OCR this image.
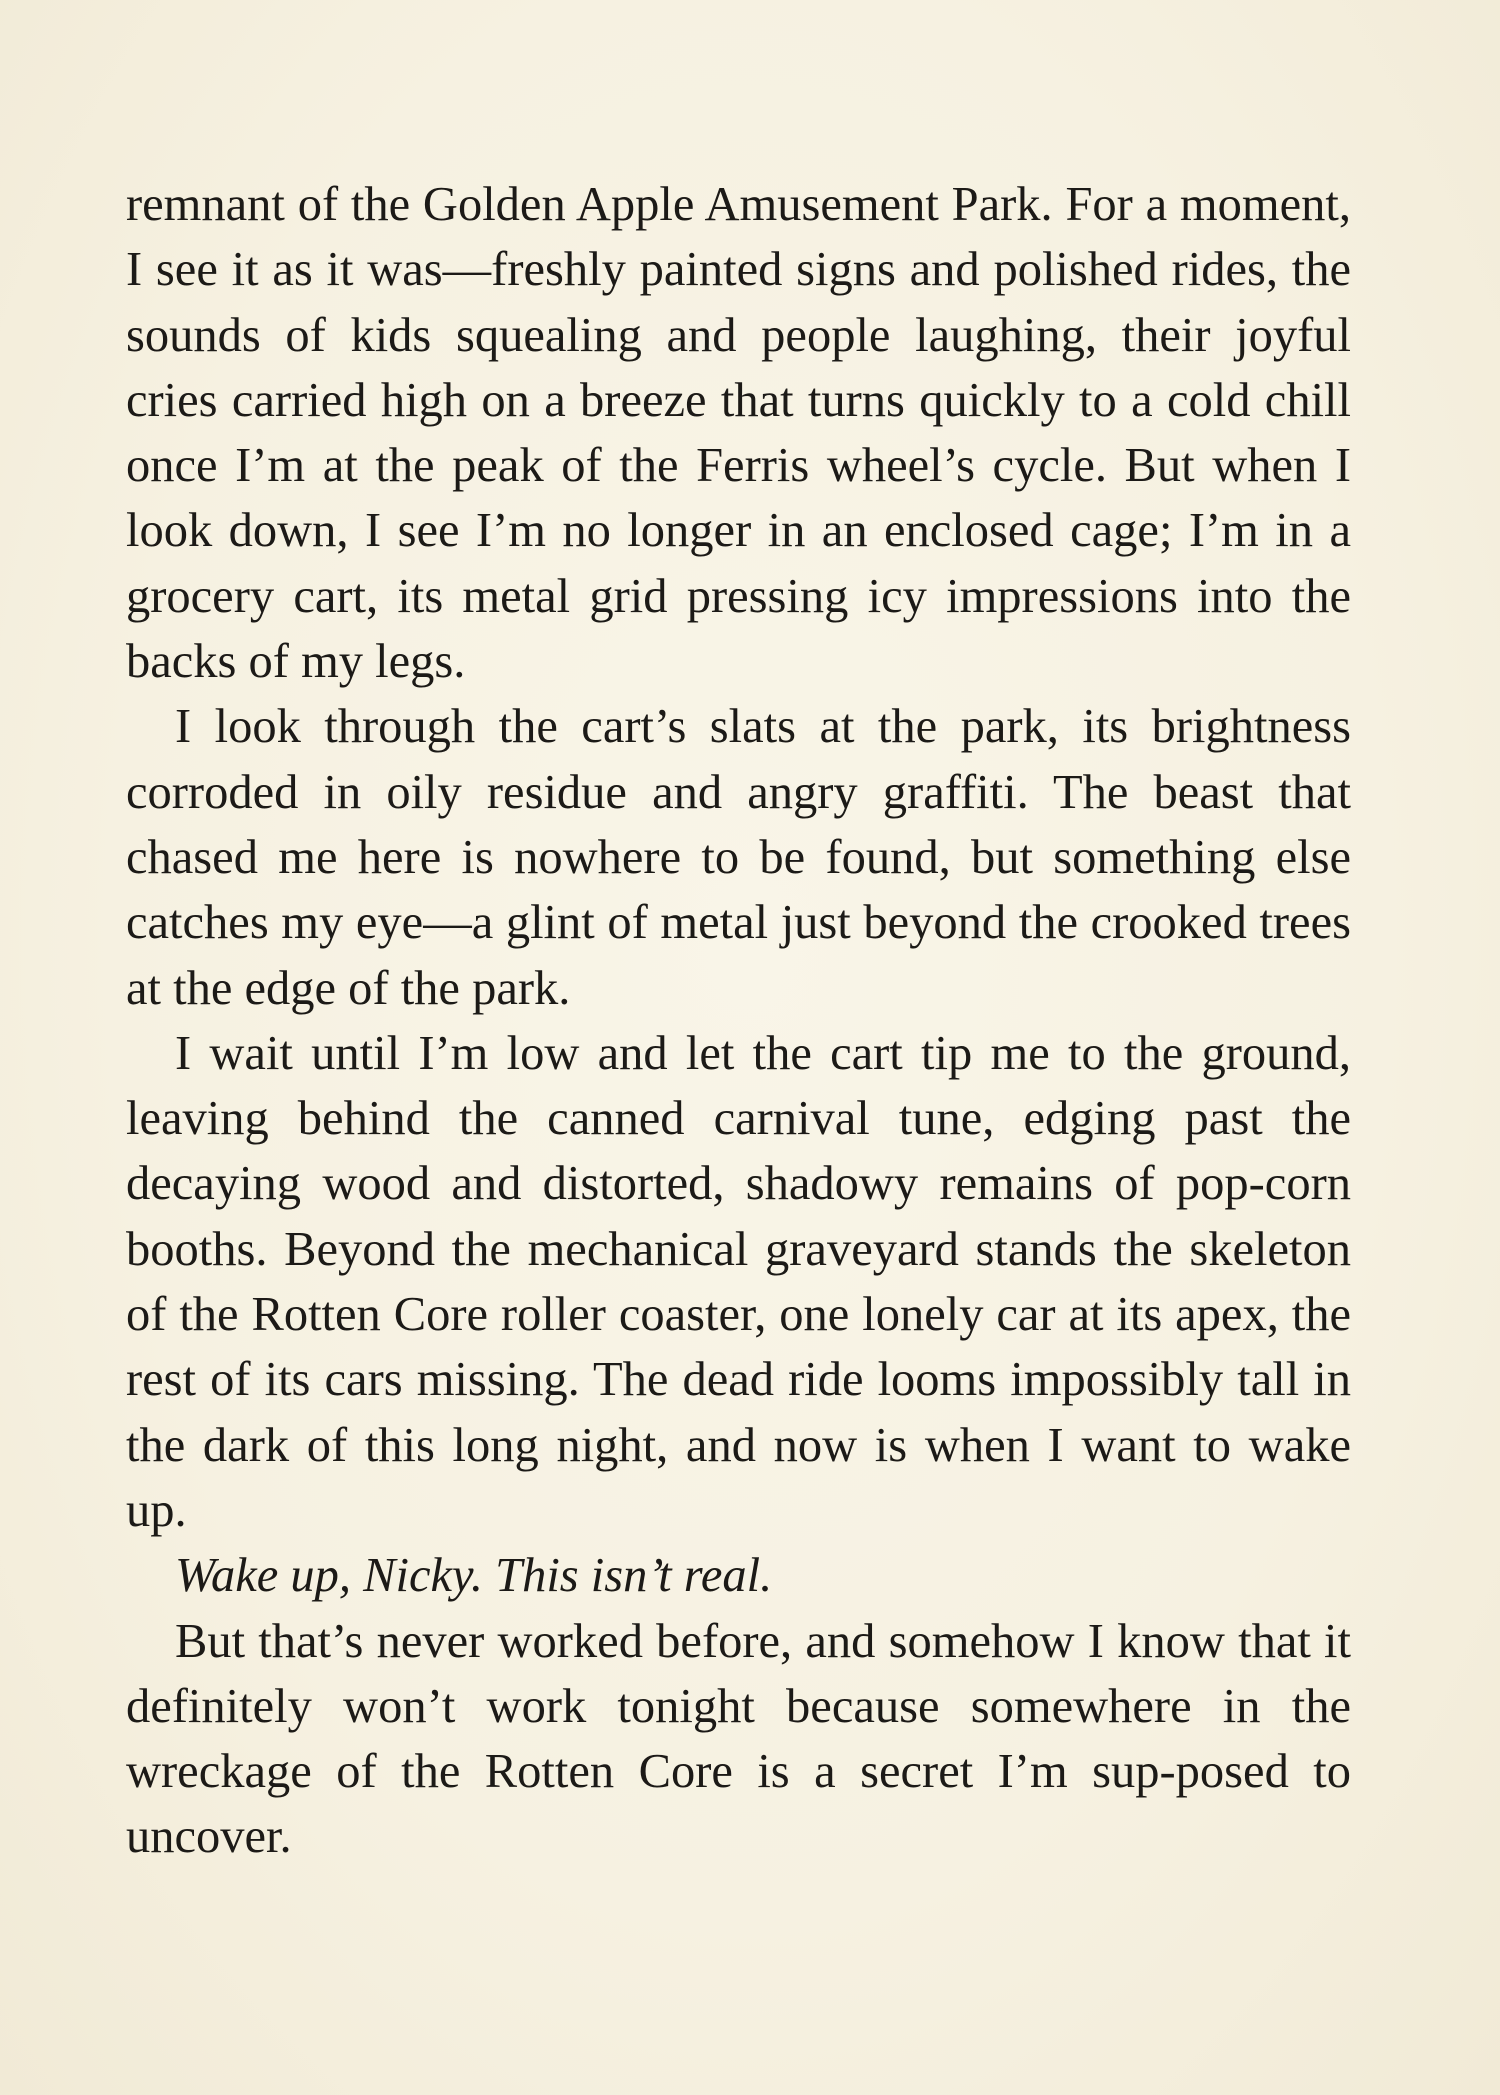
remnant of the Golden Apple Amusement Park. For a moment, I see it as it was—freshly painted signs and polished rides, the sounds of kids squealing and people laughing, their joyful cries carried high on a breeze that turns quickly to a cold chill once I’m at the peak of the Ferris wheel’s cycle. But when I look down, I see I’m no longer in an enclosed cage; I’m in a grocery cart, its metal grid pressing icy impressions into the backs of my legs.

I look through the cart’s slats at the park, its brightness corroded in oily residue and angry graffiti. The beast that chased me here is nowhere to be found, but something else catches my eye—a glint of metal just beyond the crooked trees at the edge of the park.

I wait until I’m low and let the cart tip me to the ground, leaving behind the canned carnival tune, edging past the decaying wood and distorted, shadowy remains of pop-corn booths. Beyond the mechanical graveyard stands the skeleton of the Rotten Core roller coaster, one lonely car at its apex, the rest of its cars missing. The dead ride looms impossibly tall in the dark of this long night, and now is when I want to wake up.

Wake up, Nicky. This isn’t real.

But that’s never worked before, and somehow I know that it definitely won’t work tonight because somewhere in the wreckage of the Rotten Core is a secret I’m sup-posed to uncover.
